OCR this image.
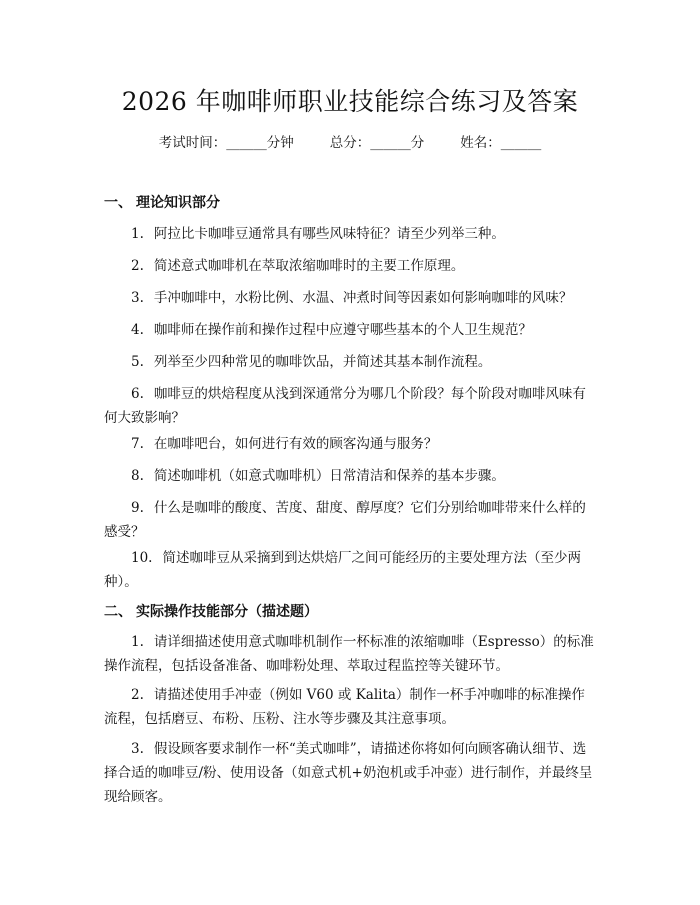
2026 年咖啡师职业技能综合练习及答案
考试时间：______分钟	总分：______分	姓名：______
一、 理论知识部分

1. 阿拉比卡咖啡豆通常具有哪些风味特征？请至少列举三种。

2. 简述意式咖啡机在萃取浓缩咖啡时的主要工作原理。

3. 手冲咖啡中，水粉比例、水温、冲煮时间等因素如何影响咖啡的风味？

4. 咖啡师在操作前和操作过程中应遵守哪些基本的个人卫生规范？

5. 列举至少四种常见的咖啡饮品，并简述其基本制作流程。

6. 咖啡豆的烘焙程度从浅到深通常分为哪几个阶段？每个阶段对咖啡风味有何大致影响？

7. 在咖啡吧台，如何进行有效的顾客沟通与服务？

8. 简述咖啡机（如意式咖啡机）日常清洁和保养的基本步骤。

9. 什么是咖啡的酸度、苦度、甜度、醇厚度？它们分别给咖啡带来什么样的感受？

10. 简述咖啡豆从采摘到到达烘焙厂之间可能经历的主要处理方法（至少两种）。

二、 实际操作技能部分（描述题）

1. 请详细描述使用意式咖啡机制作一杯标准的浓缩咖啡（Espresso）的标准操作流程，包括设备准备、咖啡粉处理、萃取过程监控等关键环节。

2. 请描述使用手冲壶（例如 V60 或 Kalita）制作一杯手冲咖啡的标准操作流程，包括磨豆、布粉、压粉、注水等步骤及其注意事项。

3. 假设顾客要求制作一杯“美式咖啡”，请描述你将如何向顾客确认细节、选择合适的咖啡豆/粉、使用设备（如意式机+奶泡机或手冲壶）进行制作，并最终呈现给顾客。
